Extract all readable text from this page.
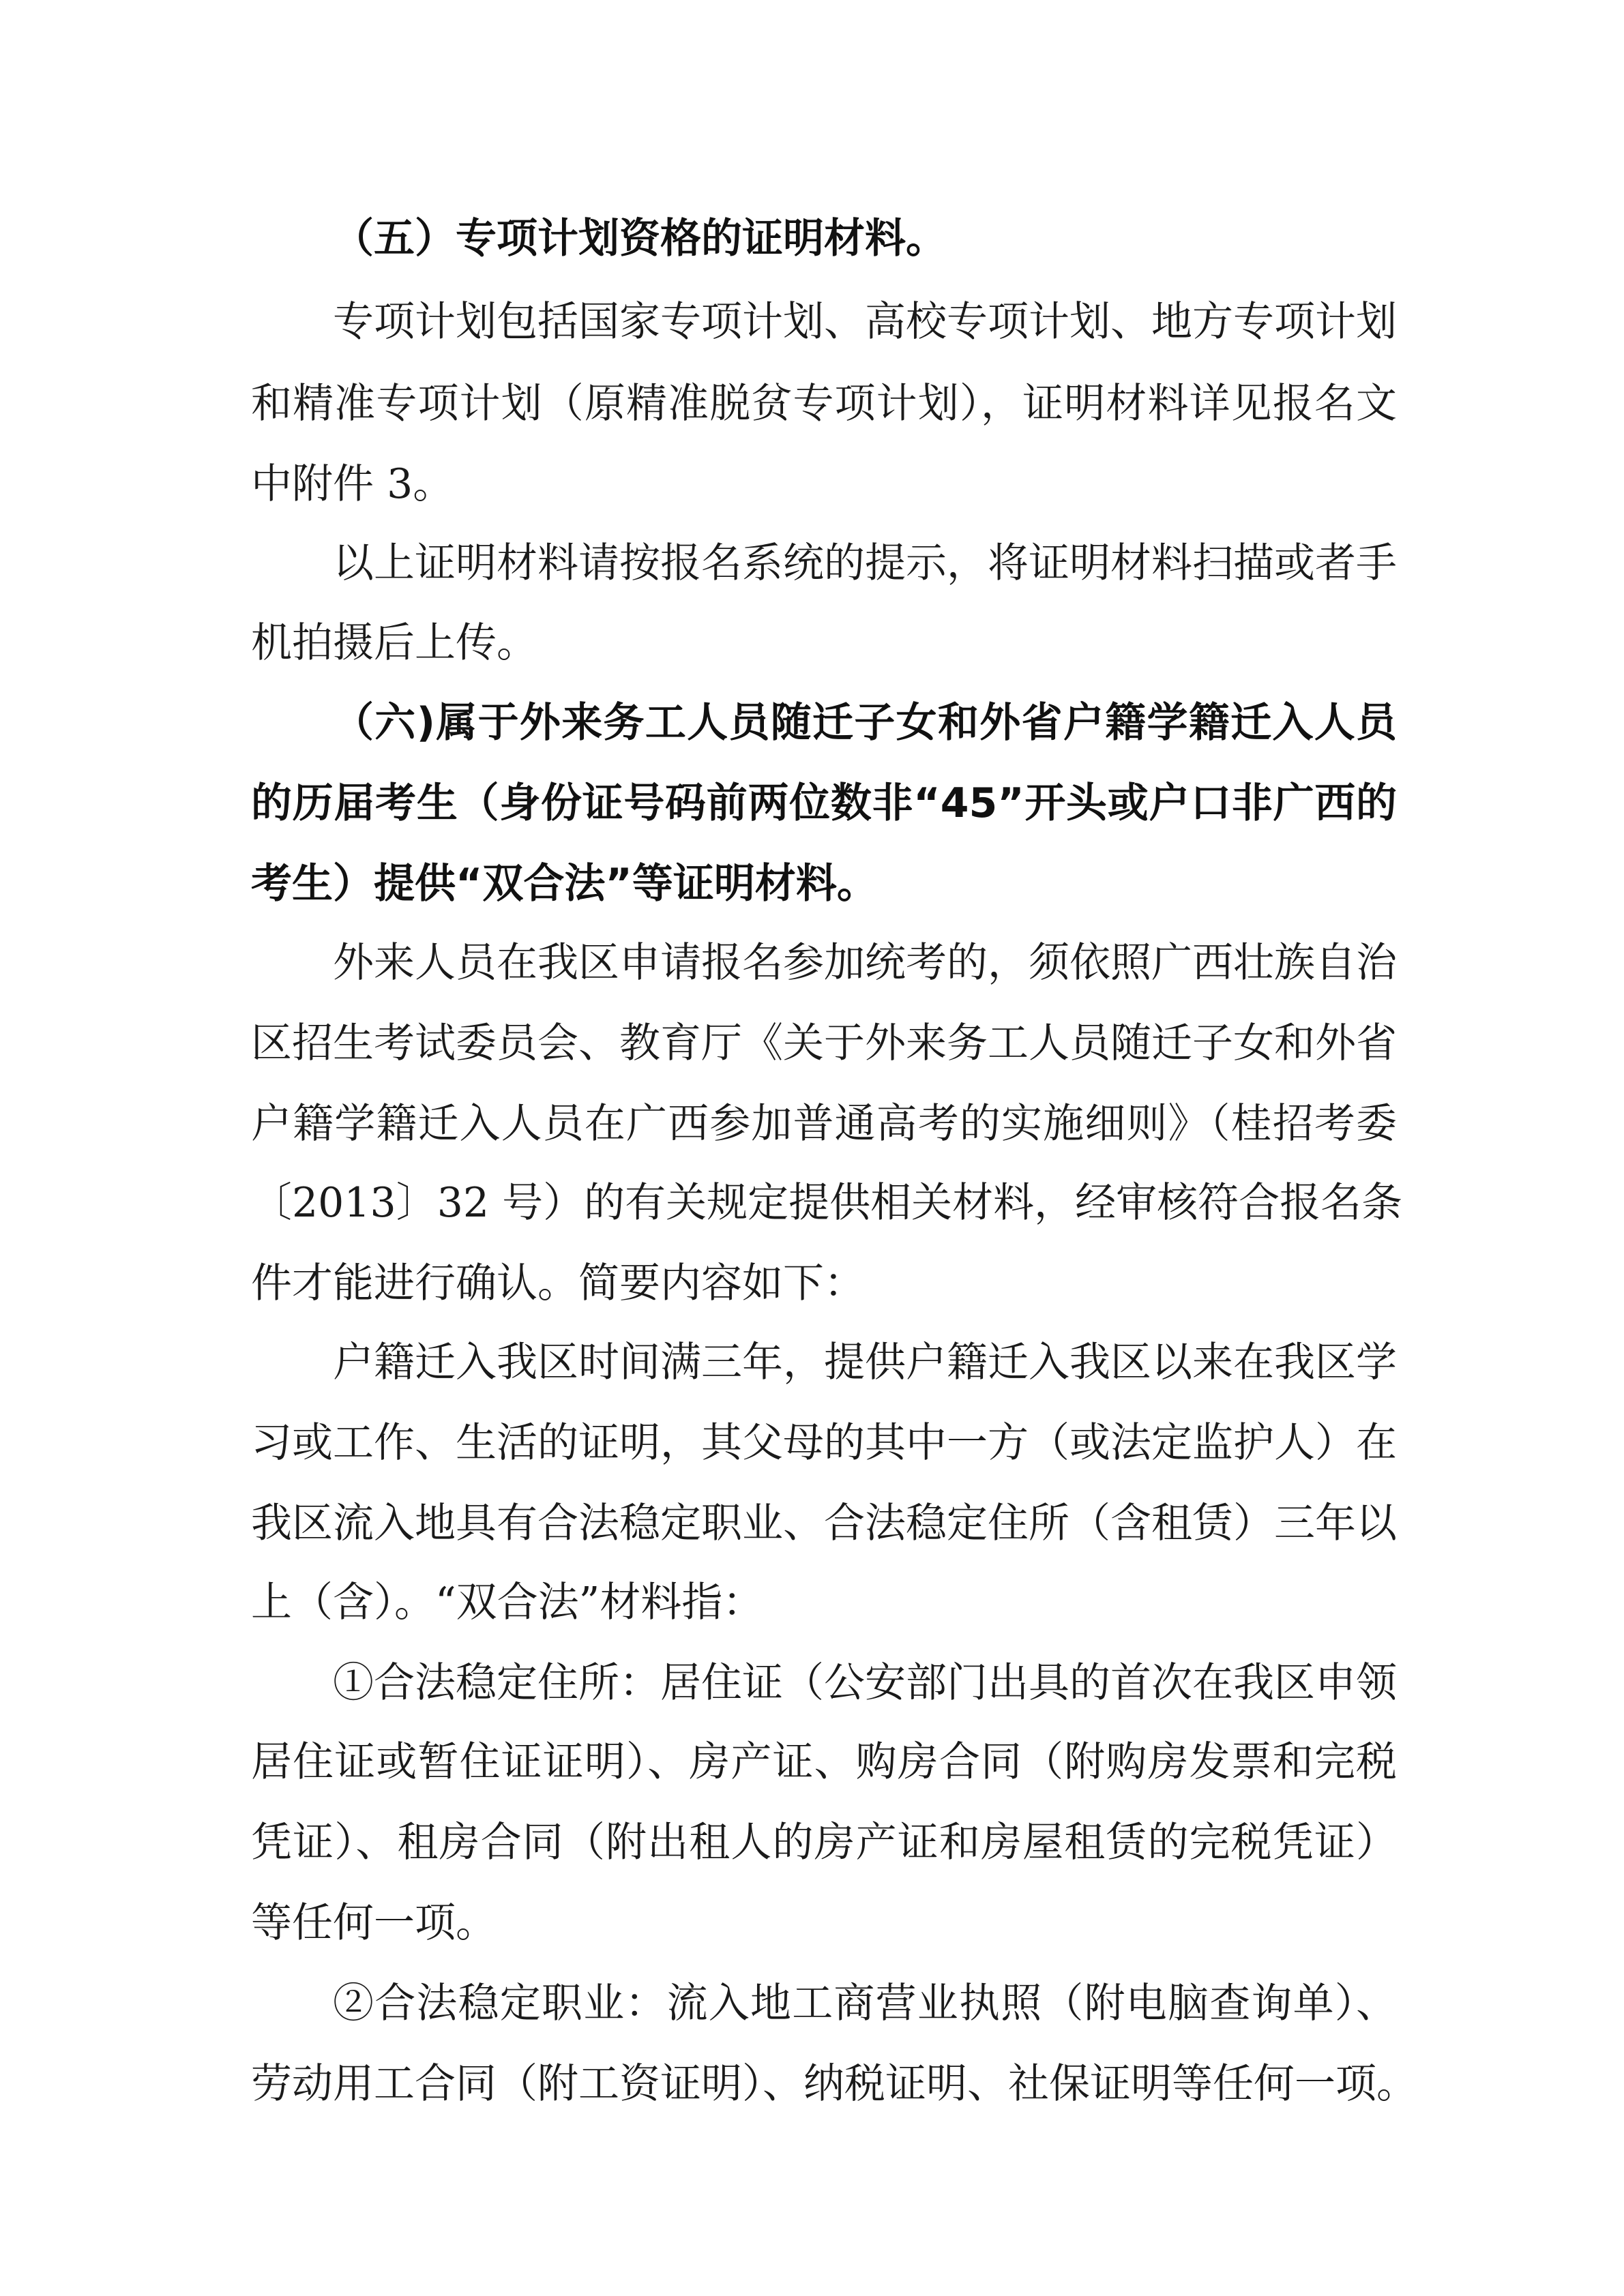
（五）专项计划资格的证明材料。
专项计划包括国家专项计划、高校专项计划、地方专项计划
和精准专项计划（原精准脱贫专项计划），证明材料详见报名文
中附件 3。
以上证明材料请按报名系统的提示，将证明材料扫描或者手
机拍摄后上传。
（六)属于外来务工人员随迁子女和外省户籍学籍迁入人员
的历届考生（身份证号码前两位数非“45”开头或户口非广西的
考生）提供“双合法”等证明材料。
外来人员在我区申请报名参加统考的，须依照广西壮族自治
区招生考试委员会、教育厅《关于外来务工人员随迁子女和外省
户籍学籍迁入人员在广西参加普通高考的实施细则》（桂招考委
〔2013〕32 号）的有关规定提供相关材料，经审核符合报名条
件才能进行确认。简要内容如下：
户籍迁入我区时间满三年，提供户籍迁入我区以来在我区学
习或工作、生活的证明，其父母的其中一方（或法定监护人）在
我区流入地具有合法稳定职业、合法稳定住所（含租赁）三年以
上（含）。“双合法”材料指：
①合法稳定住所：居住证（公安部门出具的首次在我区申领
居住证或暂住证证明）、房产证、购房合同（附购房发票和完税
凭证）、租房合同（附出租人的房产证和房屋租赁的完税凭证）
等任何一项。
②合法稳定职业：流入地工商营业执照（附电脑查询单）、
劳动用工合同（附工资证明）、纳税证明、社保证明等任何一项。
